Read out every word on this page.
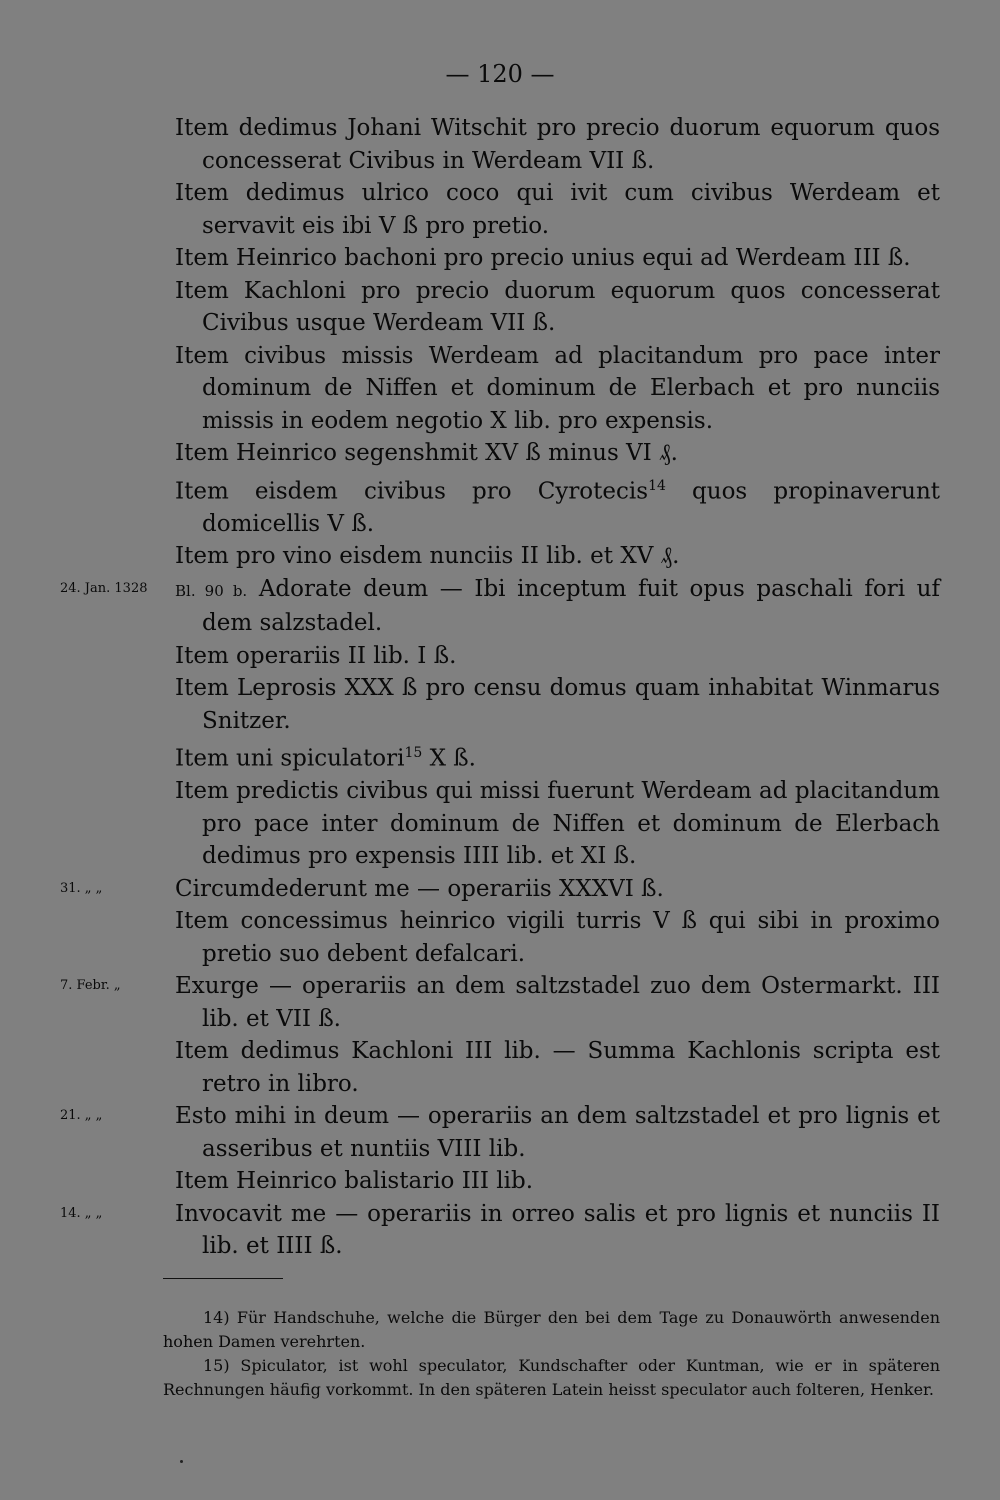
— 120 —
Item dedimus Johani Witschit pro precio duorum equorum quos concesserat Civibus in Werdeam VII ß.
Item dedimus ulrico coco qui ivit cum civibus Werdeam et servavit eis ibi V ß pro pretio.
Item Heinrico bachoni pro precio unius equi ad Werdeam III ß.
Item Kachloni pro precio duorum equorum quos concesserat Civibus usque Werdeam VII ß.
Item civibus missis Werdeam ad placitandum pro pace inter dominum de Niffen et dominum de Elerbach et pro nunciis missis in eodem negotio X lib. pro expensis.
Item Heinrico segenshmit XV ß minus VI ₰.
Item eisdem civibus pro Cyrotecis$^{14}$ quos propinaverunt domicellis V ß.
Item pro vino eisdem nunciis II lib. et XV ₰.
24. Jan. 1328 Bl. 90 b. Adorate deum — Ibi inceptum fuit opus paschali fori uf dem salzstadel.
Item operariis II lib. I ß.
Item Leprosis XXX ß pro censu domus quam inhabitat Winmarus Snitzer.
Item uni spiculatori$^{15}$ X ß.
Item predictis civibus qui missi fuerunt Werdeam ad placitandum pro pace inter dominum de Niffen et dominum de Elerbach dedimus pro expensis IIII lib. et XI ß.
31. „ „	Circumdederunt me — operariis XXXVI ß.
Item concessimus heinrico vigili turris V ß qui sibi in proximo pretio suo debent defalcari.
7. Febr. „ Exurge — operariis an dem saltzstadel zuo dem Ostermarkt. III lib. et VII ß.
Item dedimus Kachloni III lib. — Summa Kachlonis scripta est retro in libro.
21. „ „	Esto mihi in deum — operariis an dem saltzstadel et pro lignis et asseribus et nuntiis VIII lib.
Item Heinrico balistario III lib.
14. „ „	Invocavit me — operariis in orreo salis et pro lignis et nunciis II lib. et IIII ß.
14) Für Handschuhe, welche die Bürger den bei dem Tage zu Donauwörth anwesenden hohen Damen verehrten.
15) Spiculator, ist wohl speculator, Kundschafter oder Kuntman, wie er in späteren Rechnungen häufig vorkommt. In den späteren Latein heisst speculator auch folteren, Henker.
